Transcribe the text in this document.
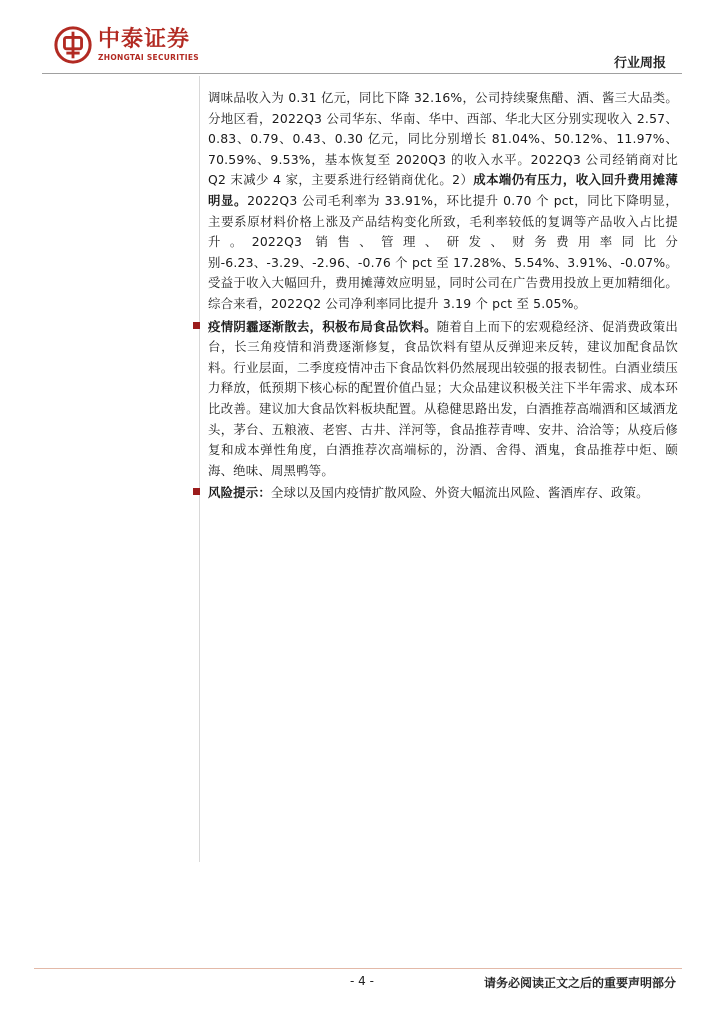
中泰证券
ZHONGTAI SECURITIES	行业周报

调味品收入为 0.31 亿元，同比下降 32.16%，公司持续聚焦醋、酒、酱三大品类。分地区看，2022Q3 公司华东、华南、华中、西部、华北大区分别实现收入 2.57、0.83、0.79、0.43、0.30 亿元，同比分别增长 81.04%、50.12%、11.97%、70.59%、9.53%，基本恢复至 2020Q3 的收入水平。2022Q3 公司经销商对比 Q2 末减少 4 家，主要系进行经销商优化。2）成本端仍有压力，收入回升费用摊薄明显。2022Q3 公司毛利率为 33.91%，环比提升 0.70 个 pct，同比下降明显，主要系原材料价格上涨及产品结构变化所致，毛利率较低的复调等产品收入占比提升。2022Q3 销售、管理、研发、财务费用率同比分别-6.23、-3.29、-2.96、-0.76 个 pct 至 17.28%、5.54%、3.91%、-0.07%。受益于收入大幅回升，费用摊薄效应明显，同时公司在广告费用投放上更加精细化。综合来看，2022Q2 公司净利率同比提升 3.19 个 pct 至 5.05%。

疫情阴霾逐渐散去，积极布局食品饮料。随着自上而下的宏观稳经济、促消费政策出台，长三角疫情和消费逐渐修复，食品饮料有望从反弹迎来反转，建议加配食品饮料。行业层面，二季度疫情冲击下食品饮料仍然展现出较强的报表韧性。白酒业绩压力释放，低预期下核心标的配置价值凸显；大众品建议积极关注下半年需求、成本环比改善。建议加大食品饮料板块配置。从稳健思路出发，白酒推荐高端酒和区域酒龙头，茅台、五粮液、老窖、古井、洋河等，食品推荐青啤、安井、洽洽等；从疫后修复和成本弹性角度，白酒推荐次高端标的，汾酒、舍得、酒鬼，食品推荐中炬、颐海、绝味、周黑鸭等。

风险提示：全球以及国内疫情扩散风险、外资大幅流出风险、酱酒库存、政策。

- 4 -	请务必阅读正文之后的重要声明部分
